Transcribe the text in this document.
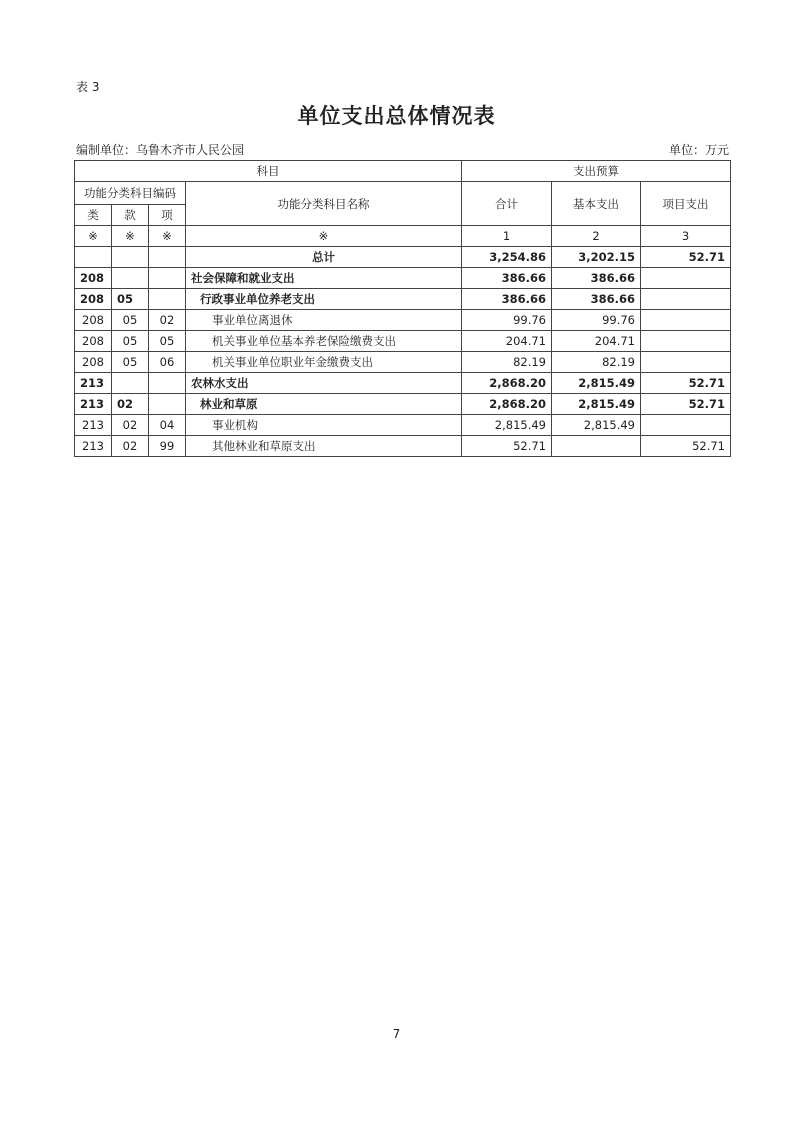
表 3
单位支出总体情况表
编制单位：乌鲁木齐市人民公园	单位：万元
科目				支出预算		
功能分类科目编码			功能分类科目名称	合计	基本支出	项目支出
类	款	项				
※	※	※	※	1	2	3
			总计	3,254.86	3,202.15	52.71
208			社会保障和就业支出	386.66	386.66	
208	05		行政事业单位养老支出	386.66	386.66	
208	05	02	事业单位离退休	99.76	99.76	
208	05	05	机关事业单位基本养老保险缴费支出	204.71	204.71	
208	05	06	机关事业单位职业年金缴费支出	82.19	82.19	
213			农林水支出	2,868.20	2,815.49	52.71
213	02		林业和草原	2,868.20	2,815.49	52.71
213	02	04	事业机构	2,815.49	2,815.49	
213	02	99	其他林业和草原支出	52.71		52.71
7
